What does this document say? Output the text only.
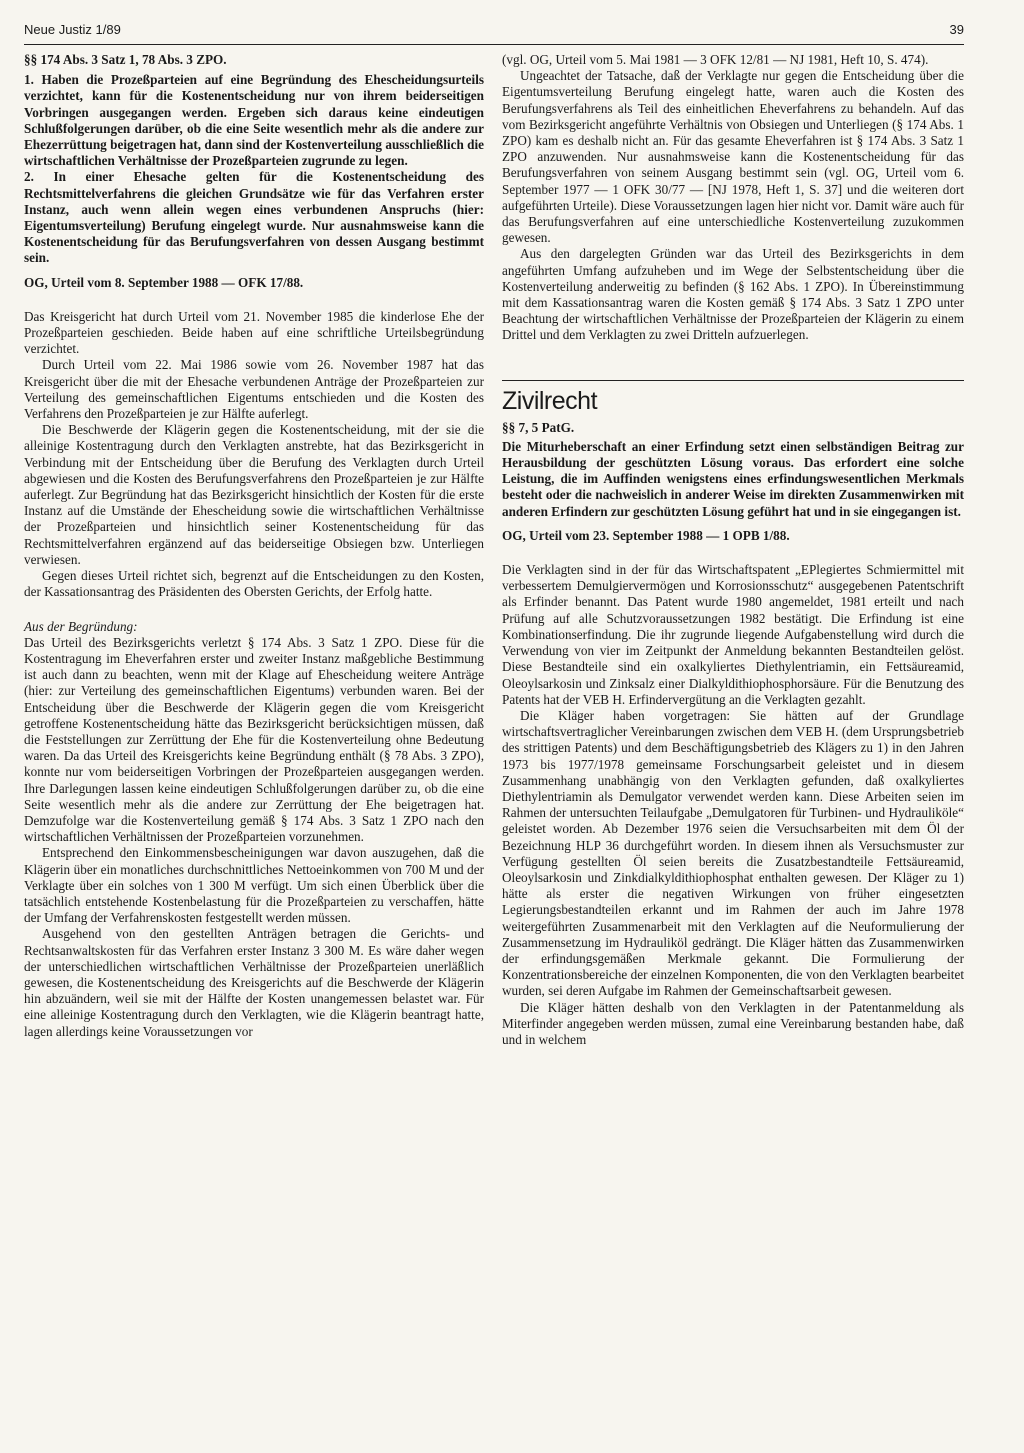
Neue Justiz 1/89	39

§§ 174 Abs. 3 Satz 1, 78 Abs. 3 ZPO.

1. Haben die Prozeßparteien auf eine Begründung des Ehescheidungsurteils verzichtet, kann für die Kostenentscheidung nur von ihrem beiderseitigen Vorbringen ausgegangen werden. Ergeben sich daraus keine eindeutigen Schlußfolgerungen darüber, ob die eine Seite wesentlich mehr als die andere zur Ehezerrüttung beigetragen hat, dann sind der Kostenverteilung ausschließlich die wirtschaftlichen Verhältnisse der Prozeßparteien zugrunde zu legen.

2. In einer Ehesache gelten für die Kostenentscheidung des Rechtsmittelverfahrens die gleichen Grundsätze wie für das Verfahren erster Instanz, auch wenn allein wegen eines verbundenen Anspruchs (hier: Eigentumsverteilung) Berufung eingelegt wurde. Nur ausnahmsweise kann die Kostenentscheidung für das Berufungsverfahren von dessen Ausgang bestimmt sein.

OG, Urteil vom 8. September 1988 — OFK 17/88.

Das Kreisgericht hat durch Urteil vom 21. November 1985 die kinderlose Ehe der Prozeßparteien geschieden. Beide haben auf eine schriftliche Urteilsbegründung verzichtet.

Durch Urteil vom 22. Mai 1986 sowie vom 26. November 1987 hat das Kreisgericht über die mit der Ehesache verbundenen Anträge der Prozeßparteien zur Verteilung des gemeinschaftlichen Eigentums entschieden und die Kosten des Verfahrens den Prozeßparteien je zur Hälfte auferlegt.

Die Beschwerde der Klägerin gegen die Kostenentscheidung, mit der sie die alleinige Kostentragung durch den Verklagten anstrebte, hat das Bezirksgericht in Verbindung mit der Entscheidung über die Berufung des Verklagten durch Urteil abgewiesen und die Kosten des Berufungsverfahrens den Prozeßparteien je zur Hälfte auferlegt. Zur Begründung hat das Bezirksgericht hinsichtlich der Kosten für die erste Instanz auf die Umstände der Ehescheidung sowie die wirtschaftlichen Verhältnisse der Prozeßparteien und hinsichtlich seiner Kostenentscheidung für das Rechtsmittelverfahren ergänzend auf das beiderseitige Obsiegen bzw. Unterliegen verwiesen.

Gegen dieses Urteil richtet sich, begrenzt auf die Entscheidungen zu den Kosten, der Kassationsantrag des Präsidenten des Obersten Gerichts, der Erfolg hatte.

Aus der Begründung:

Das Urteil des Bezirksgerichts verletzt § 174 Abs. 3 Satz 1 ZPO. Diese für die Kostentragung im Eheverfahren erster und zweiter Instanz maßgebliche Bestimmung ist auch dann zu beachten, wenn mit der Klage auf Ehescheidung weitere Anträge (hier: zur Verteilung des gemeinschaftlichen Eigentums) verbunden waren. Bei der Entscheidung über die Beschwerde der Klägerin gegen die vom Kreisgericht getroffene Kostenentscheidung hätte das Bezirksgericht berücksichtigen müssen, daß die Feststellungen zur Zerrüttung der Ehe für die Kostenverteilung ohne Bedeutung waren. Da das Urteil des Kreisgerichts keine Begründung enthält (§ 78 Abs. 3 ZPO), konnte nur vom beiderseitigen Vorbringen der Prozeßparteien ausgegangen werden. Ihre Darlegungen lassen keine eindeutigen Schlußfolgerungen darüber zu, ob die eine Seite wesentlich mehr als die andere zur Zerrüttung der Ehe beigetragen hat. Demzufolge war die Kostenverteilung gemäß § 174 Abs. 3 Satz 1 ZPO nach den wirtschaftlichen Verhältnissen der Prozeßparteien vorzunehmen.

Entsprechend den Einkommensbescheinigungen war davon auszugehen, daß die Klägerin über ein monatliches durchschnittliches Nettoeinkommen von 700 M und der Verklagte über ein solches von 1 300 M verfügt. Um sich einen Überblick über die tatsächlich entstehende Kostenbelastung für die Prozeßparteien zu verschaffen, hätte der Umfang der Verfahrenskosten festgestellt werden müssen.

Ausgehend von den gestellten Anträgen betragen die Gerichts- und Rechtsanwaltskosten für das Verfahren erster Instanz 3 300 M. Es wäre daher wegen der unterschiedlichen wirtschaftlichen Verhältnisse der Prozeßparteien unerläßlich gewesen, die Kostenentscheidung des Kreisgerichts auf die Beschwerde der Klägerin hin abzuändern, weil sie mit der Hälfte der Kosten unangemessen belastet war. Für eine alleinige Kostentragung durch den Verklagten, wie die Klägerin beantragt hatte, lagen allerdings keine Voraussetzungen vor

(vgl. OG, Urteil vom 5. Mai 1981 — 3 OFK 12/81 — NJ 1981, Heft 10, S. 474).

Ungeachtet der Tatsache, daß der Verklagte nur gegen die Entscheidung über die Eigentumsverteilung Berufung eingelegt hatte, waren auch die Kosten des Berufungsverfahrens als Teil des einheitlichen Eheverfahrens zu behandeln. Auf das vom Bezirksgericht angeführte Verhältnis von Obsiegen und Unterliegen (§ 174 Abs. 1 ZPO) kam es deshalb nicht an. Für das gesamte Eheverfahren ist § 174 Abs. 3 Satz 1 ZPO anzuwenden. Nur ausnahmsweise kann die Kostenentscheidung für das Berufungsverfahren von seinem Ausgang bestimmt sein (vgl. OG, Urteil vom 6. September 1977 — 1 OFK 30/77 — [NJ 1978, Heft 1, S. 37] und die weiteren dort aufgeführten Urteile). Diese Voraussetzungen lagen hier nicht vor. Damit wäre auch für das Berufungsverfahren auf eine unterschiedliche Kostenverteilung zuzukommen gewesen.

Aus den dargelegten Gründen war das Urteil des Bezirksgerichts in dem angeführten Umfang aufzuheben und im Wege der Selbstentscheidung über die Kostenverteilung anderweitig zu befinden (§ 162 Abs. 1 ZPO). In Übereinstimmung mit dem Kassationsantrag waren die Kosten gemäß § 174 Abs. 3 Satz 1 ZPO unter Beachtung der wirtschaftlichen Verhältnisse der Prozeßparteien der Klägerin zu einem Drittel und dem Verklagten zu zwei Dritteln aufzuerlegen.

Zivilrecht

§§ 7, 5 PatG.

Die Miturheberschaft an einer Erfindung setzt einen selbständigen Beitrag zur Herausbildung der geschützten Lösung voraus. Das erfordert eine solche Leistung, die im Auffinden wenigstens eines erfindungswesentlichen Merkmals besteht oder die nachweislich in anderer Weise im direkten Zusammenwirken mit anderen Erfindern zur geschützten Lösung geführt hat und in sie eingegangen ist.

OG, Urteil vom 23. September 1988 — 1 OPB 1/88.

Die Verklagten sind in der für das Wirtschaftspatent „EPlegiertes Schmiermittel mit verbessertem Demulgiervermögen und Korrosionsschutz“ ausgegebenen Patentschrift als Erfinder benannt. Das Patent wurde 1980 angemeldet, 1981 erteilt und nach Prüfung auf alle Schutzvoraussetzungen 1982 bestätigt. Die Erfindung ist eine Kombinationserfindung. Die ihr zugrunde liegende Aufgabenstellung wird durch die Verwendung von vier im Zeitpunkt der Anmeldung bekannten Bestandteilen gelöst. Diese Bestandteile sind ein oxalkyliertes Diethylentriamin, ein Fettsäureamid, Oleoylsarkosin und Zinksalz einer Dialkyldithiophosphorsäure. Für die Benutzung des Patents hat der VEB H. Erfindervergütung an die Verklagten gezahlt.

Die Kläger haben vorgetragen: Sie hätten auf der Grundlage wirtschaftsvertraglicher Vereinbarungen zwischen dem VEB H. (dem Ursprungsbetrieb des strittigen Patents) und dem Beschäftigungsbetrieb des Klägers zu 1) in den Jahren 1973 bis 1977/1978 gemeinsame Forschungsarbeit geleistet und in diesem Zusammenhang unabhängig von den Verklagten gefunden, daß oxalkyliertes Diethylentriamin als Demulgator verwendet werden kann. Diese Arbeiten seien im Rahmen der untersuchten Teilaufgabe „Demulgatoren für Turbinen- und Hydrauliköle“ geleistet worden. Ab Dezember 1976 seien die Versuchsarbeiten mit dem Öl der Bezeichnung HLP 36 durchgeführt worden. In diesem ihnen als Versuchsmuster zur Verfügung gestellten Öl seien bereits die Zusatzbestandteile Fettsäureamid, Oleoylsarkosin und Zinkdialkyldithiophosphat enthalten gewesen. Der Kläger zu 1) hätte als erster die negativen Wirkungen von früher eingesetzten Legierungsbestandteilen erkannt und im Rahmen der auch im Jahre 1978 weitergeführten Zusammenarbeit mit den Verklagten auf die Neuformulierung der Zusammensetzung im Hydrauliköl gedrängt. Die Kläger hätten das Zusammenwirken der erfindungsgemäßen Merkmale gekannt. Die Formulierung der Konzentrationsbereiche der einzelnen Komponenten, die von den Verklagten bearbeitet wurden, sei deren Aufgabe im Rahmen der Gemeinschaftsarbeit gewesen.

Die Kläger hätten deshalb von den Verklagten in der Patentanmeldung als Miterfinder angegeben werden müssen, zumal eine Vereinbarung bestanden habe, daß und in welchem
